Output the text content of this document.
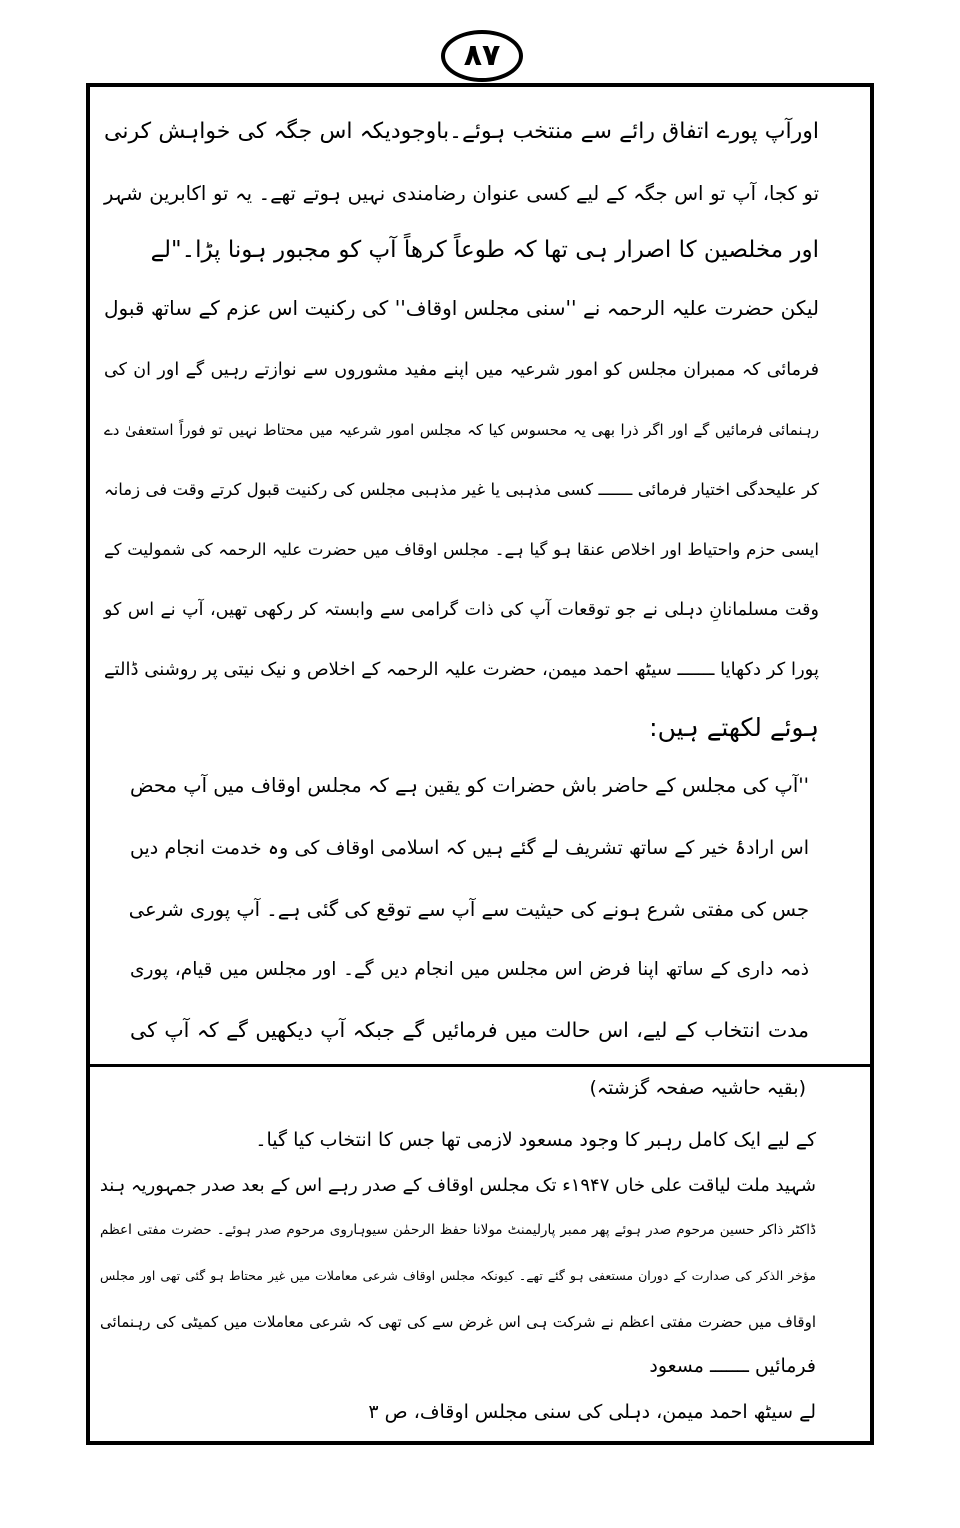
۸۷
اورآپ پورے اتفاق رائے سے منتخب ہوئے۔باوجودیکہ اس جگہ کی خواہش کرنی
تو کجا، آپ تو اس جگہ کے لیے کسی عنوان رضامندی نہیں ہوتے تھے۔ یہ تو اکابرین شہر
اور مخلصین کا اصرار ہی تھا کہ طوعاً کرھاً آپ کو مجبور ہونا پڑا۔"لے
لیکن حضرت علیہ الرحمہ نے ''سنی مجلس اوقاف'' کی رکنیت اس عزم کے ساتھ قبول
فرمائی کہ ممبران مجلس کو امور شرعیہ میں اپنے مفید مشوروں سے نوازتے رہیں گے اور ان کی
رہنمائی فرمائیں گے اور اگر ذرا بھی یہ محسوس کیا کہ مجلس امور شرعیہ میں محتاط نہیں تو فوراً استعفیٰ دے
کر علیحدگی اختیار فرمائی ـــــــ کسی مذہبی یا غیر مذہبی مجلس کی رکنیت قبول کرتے وقت فی زمانہ
ایسی حزم واحتیاط اور اخلاص عنقا ہو گیا ہے۔ مجلس اوقاف میں حضرت علیہ الرحمہ کی شمولیت کے
وقت مسلمانانِ دہلی نے جو توقعات آپ کی ذات گرامی سے وابستہ کر رکھی تھیں، آپ نے اس کو
پورا کر دکھایا ـــــــ سیٹھ احمد میمن، حضرت علیہ الرحمہ کے اخلاص و نیک نیتی پر روشنی ڈالتے
ہوئے لکھتے ہیں:
''آپ کی مجلس کے حاضر باش حضرات کو یقین ہے کہ مجلس اوقاف میں آپ محض
اس ارادۂ خیر کے ساتھ تشریف لے گئے ہیں کہ اسلامی اوقاف کی وہ خدمت انجام دیں
جس کی مفتی شرع ہونے کی حیثیت سے آپ سے توقع کی گئی ہے۔ آپ پوری شرعی
ذمہ داری کے ساتھ اپنا فرض اس مجلس میں انجام دیں گے۔ اور مجلس میں قیام، پوری
مدت انتخاب کے لیے، اس حالت میں فرمائیں گے جبکہ آپ دیکھیں گے کہ آپ کی
(بقیہ حاشیہ صفحہ گزشتہ)
کے لیے ایک کامل رہبر کا وجود مسعود لازمی تھا جس کا انتخاب کیا گیا۔
شہید ملت لیاقت علی خاں ۱۹۴۷ء تک مجلس اوقاف کے صدر رہے اس کے بعد صدر جمہوریہ ہند
ڈاکٹر ذاکر حسین مرحوم صدر ہوئے پھر ممبر پارلیمنٹ مولانا حفظ الرحمٰن سیوہاروی مرحوم صدر ہوئے۔ حضرت مفتی اعظم
مؤخر الذکر کی صدارت کے دوران مستعفی ہو گئے تھے۔ کیونکہ مجلس اوقاف شرعی معاملات میں غیر محتاط ہو گئی تھی اور مجلس
اوقاف میں حضرت مفتی اعظم نے شرکت ہی اس غرض سے کی تھی کہ شرعی معاملات میں کمیٹی کی رہنمائی
فرمائیں ـــــــ مسعود
لے سیٹھ احمد میمن، دہلی کی سنی مجلس اوقاف، ص ۳
